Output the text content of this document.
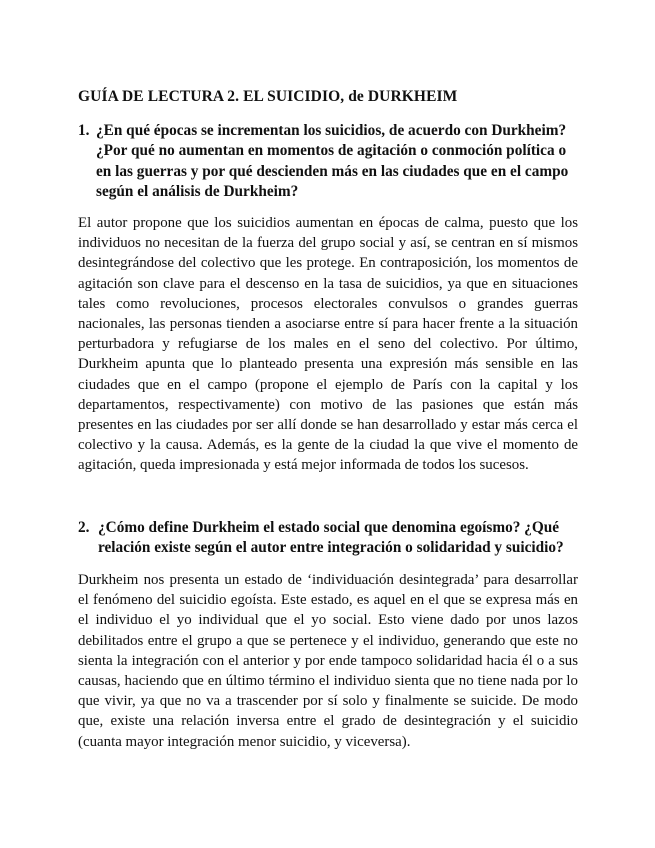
GUÍA DE LECTURA 2. EL SUICIDIO, de DURKHEIM
1. ¿En qué épocas se incrementan los suicidios, de acuerdo con Durkheim? ¿Por qué no aumentan en momentos de agitación o conmoción política o en las guerras y por qué descienden más en las ciudades que en el campo según el análisis de Durkheim?
El autor propone que los suicidios aumentan en épocas de calma, puesto que los individuos no necesitan de la fuerza del grupo social y así, se centran en sí mismos desintegrándose del colectivo que les protege. En contraposición, los momentos de agitación son clave para el descenso en la tasa de suicidios, ya que en situaciones tales como revoluciones, procesos electorales convulsos o grandes guerras nacionales, las personas tienden a asociarse entre sí para hacer frente a la situación perturbadora y refugiarse de los males en el seno del colectivo. Por último, Durkheim apunta que lo planteado presenta una expresión más sensible en las ciudades que en el campo (propone el ejemplo de París con la capital y los departamentos, respectivamente) con motivo de las pasiones que están más presentes en las ciudades por ser allí donde se han desarrollado y estar más cerca el colectivo y la causa. Además, es la gente de la ciudad la que vive el momento de agitación, queda impresionada y está mejor informada de todos los sucesos.
2. ¿Cómo define Durkheim el estado social que denomina egoísmo? ¿Qué relación existe según el autor entre integración o solidaridad y suicidio?
Durkheim nos presenta un estado de ‘individuación desintegrada’ para desarrollar el fenómeno del suicidio egoísta. Este estado, es aquel en el que se expresa más en el individuo el yo individual que el yo social. Esto viene dado por unos lazos debilitados entre el grupo a que se pertenece y el individuo, generando que este no sienta la integración con el anterior y por ende tampoco solidaridad hacia él o a sus causas, haciendo que en último término el individuo sienta que no tiene nada por lo que vivir, ya que no va a trascender por sí solo y finalmente se suicide. De modo que, existe una relación inversa entre el grado de desintegración y el suicidio (cuanta mayor integración menor suicidio, y viceversa).
